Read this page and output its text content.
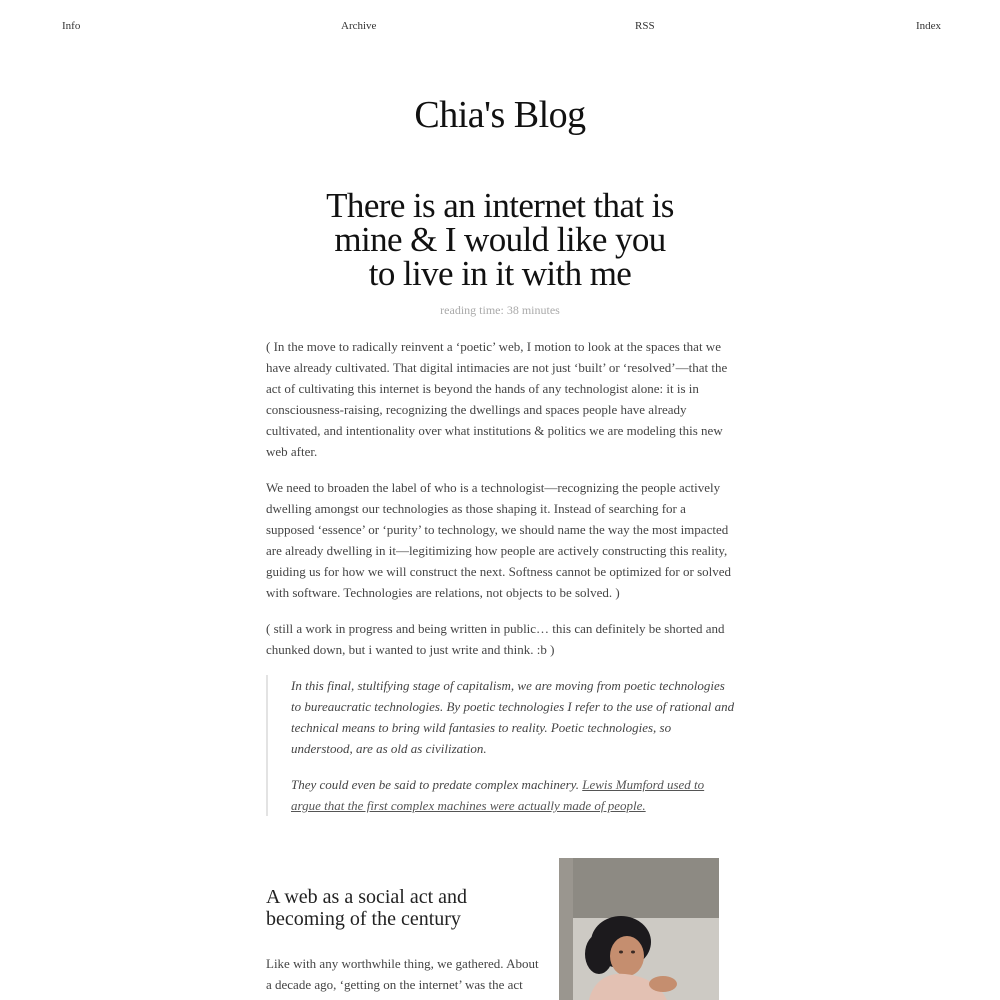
Info	Archive	RSS	Index
Chia's Blog
There is an internet that is
mine & I would like you
to live in it with me
reading time: 38 minutes

( In the move to radically reinvent a ‘poetic’ web, I motion to look at the spaces that we have already cultivated. That digital intimacies are not just ‘built’ or ‘resolved’—that the act of cultivating this internet is beyond the hands of any technologist alone: it is in consciousness-raising, recognizing the dwellings and spaces people have already cultivated, and intentionality over what institutions & politics we are modeling this new web after.

We need to broaden the label of who is a technologist—recognizing the people actively dwelling amongst our technologies as those shaping it. Instead of searching for a supposed ‘essence’ or ‘purity’ to technology, we should name the way the most impacted are already dwelling in it—legitimizing how people are actively constructing this reality, guiding us for how we will construct the next. Softness cannot be optimized for or solved with software. Technologies are relations, not objects to be solved. )

( still a work in progress and being written in public… this can definitely be shorted and chunked down, but i wanted to just write and think. :b )

In this final, stultifying stage of capitalism, we are moving from poetic technologies to bureaucratic technologies. By poetic technologies I refer to the use of rational and technical means to bring wild fantasies to reality. Poetic technologies, so understood, are as old as civilization.

They could even be said to predate complex machinery. Lewis Mumford used to argue that the first complex machines were actually made of people.

A web as a social act and becoming of the century

Like with any worthwhile thing, we gathered. About a decade ago, ‘getting on the internet’ was the act
